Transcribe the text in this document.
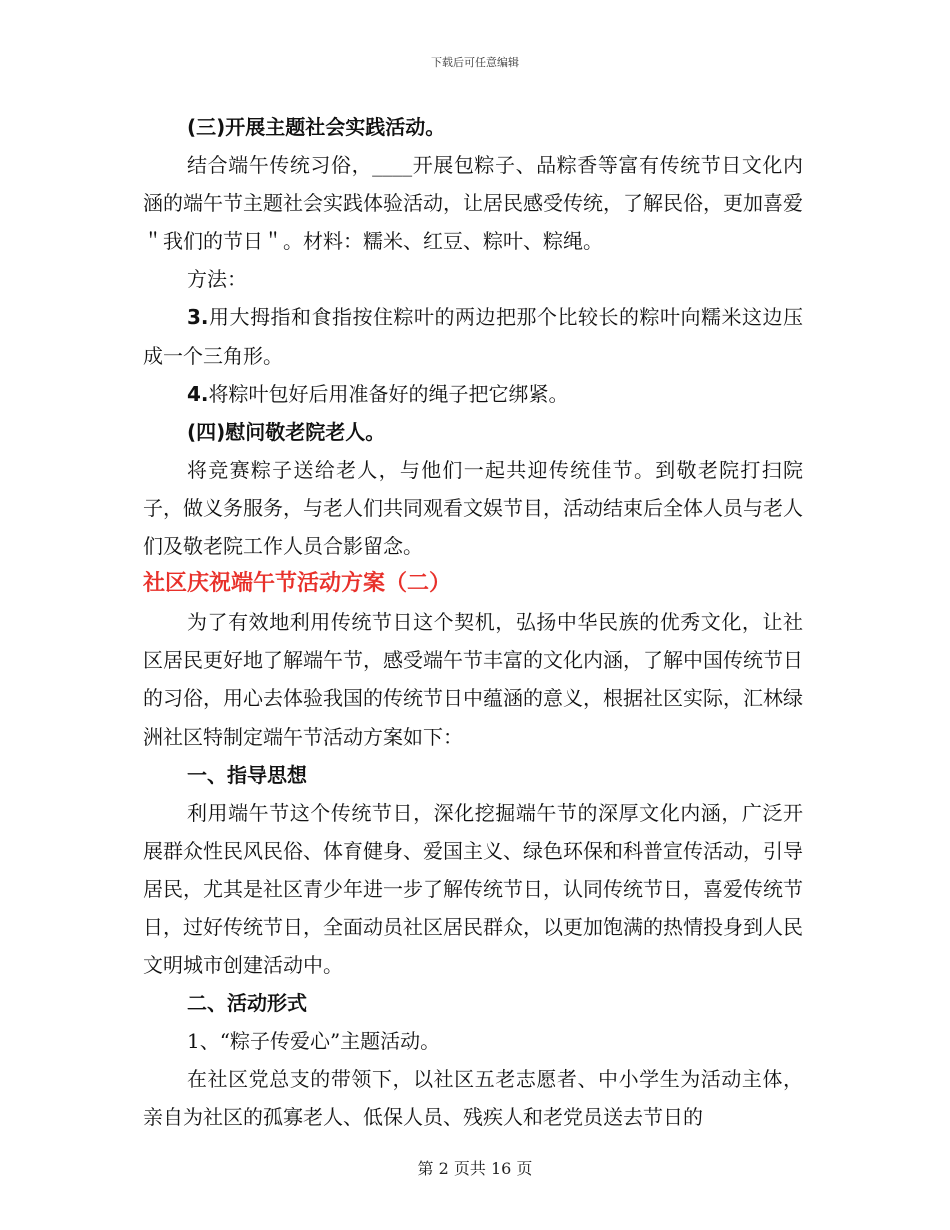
下载后可任意编辑

(三)开展主题社会实践活动。

结合端午传统习俗，____开展包粽子、品粽香等富有传统节日文化内涵的端午节主题社会实践体验活动，让居民感受传统，了解民俗，更加喜爱＂我们的节日＂。材料：糯米、红豆、粽叶、粽绳。

方法：

3.用大拇指和食指按住粽叶的两边把那个比较长的粽叶向糯米这边压成一个三角形。

4.将粽叶包好后用准备好的绳子把它绑紧。

(四)慰问敬老院老人。

将竞赛粽子送给老人，与他们一起共迎传统佳节。到敬老院打扫院子，做义务服务，与老人们共同观看文娱节目，活动结束后全体人员与老人们及敬老院工作人员合影留念。

社区庆祝端午节活动方案（二）

为了有效地利用传统节日这个契机，弘扬中华民族的优秀文化，让社区居民更好地了解端午节，感受端午节丰富的文化内涵，了解中国传统节日的习俗，用心去体验我国的传统节日中蕴涵的意义，根据社区实际，汇林绿洲社区特制定端午节活动方案如下：

一、指导思想

利用端午节这个传统节日，深化挖掘端午节的深厚文化内涵，广泛开展群众性民风民俗、体育健身、爱国主义、绿色环保和科普宣传活动，引导居民，尤其是社区青少年进一步了解传统节日，认同传统节日，喜爱传统节日，过好传统节日，全面动员社区居民群众，以更加饱满的热情投身到人民文明城市创建活动中。

二、活动形式

1、“粽子传爱心”主题活动。

在社区党总支的带领下，以社区五老志愿者、中小学生为活动主体，亲自为社区的孤寡老人、低保人员、残疾人和老党员送去节日的

第 2 页共 16 页
